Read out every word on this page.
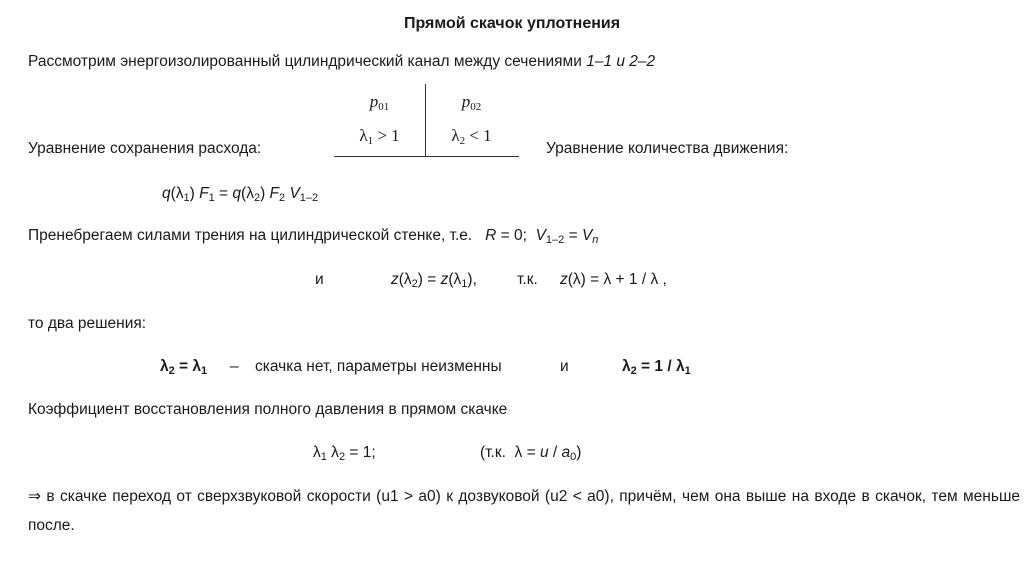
Прямой скачок уплотнения
Рассмотрим энергоизолированный цилиндрический канал между сечениями 1–1 и 2–2
$p_{01}$	$p_{02}$
$\lambda_1 > 1$	$\lambda_2 < 1$
Уравнение сохранения расхода:	Уравнение количества движения:
$q(\lambda_1) F_1 = q(\lambda_2)$ $F_2$ $V_{1-2}$
Пренебрегаем силами трения на цилиндрической стенке, т.е. R = 0;  $V_{1-2} = V_n$
и	$z(\lambda_2) = z(\lambda_1)$,	т.к. z(λ) = λ + 1 / λ ,
то два решения:
$\lambda_2 = \lambda_1$ – скачка нет, параметры неизменны	и	$\lambda_2 = 1 / \lambda_1$
Коэффициент восстановления полного давления в прямом скачке
$\lambda_1$ $\lambda_2 = 1$;	(т.к.  $\lambda = u / a_0$)
⇒ в скачке переход от сверхзвуковой скорости (u1 > a0) к дозвуковой (u2 < a0), причём, чем она выше на входе в скачок, тем меньше после.
